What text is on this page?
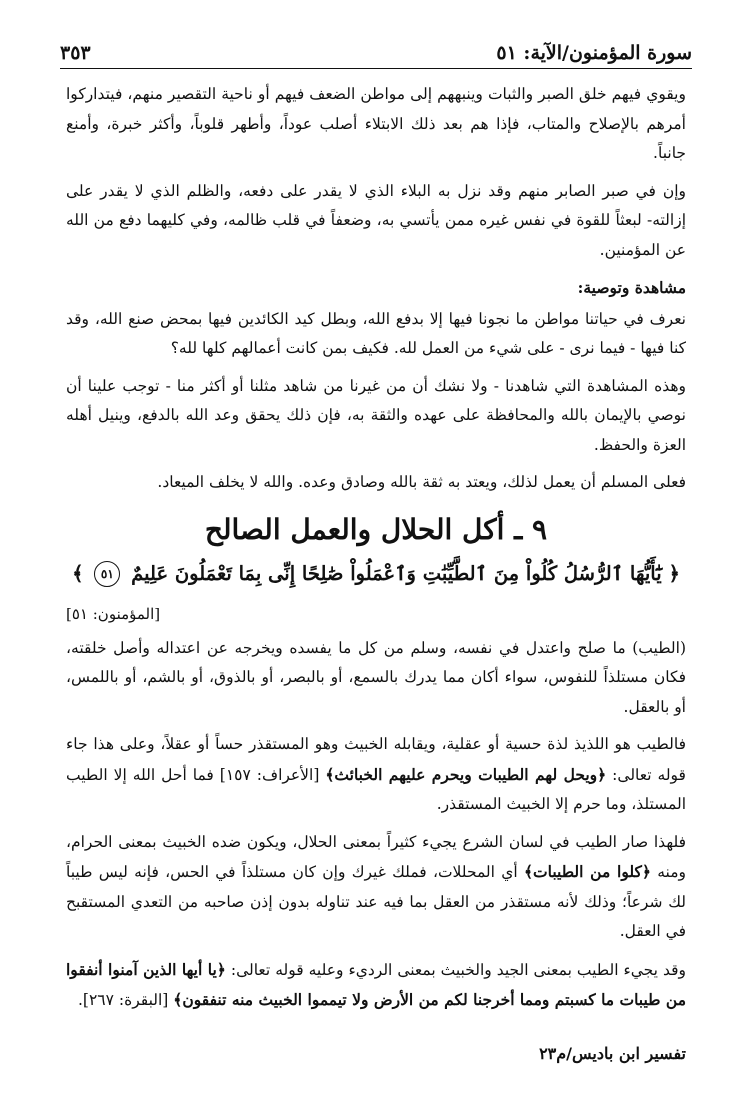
سورة المؤمنون/الآية: ٥١
٣٥٣

ويقوي فيهم خلق الصبر والثبات وينبههم إلى مواطن الضعف فيهم أو ناحية التقصير منهم، فيتداركوا أمرهم بالإصلاح والمتاب، فإذا هم بعد ذلك الابتلاء أصلب عوداً، وأطهر قلوباً، وأكثر خبرة، وأمنع جانباً.

وإن في صبر الصابر منهم وقد نزل به البلاء الذي لا يقدر على دفعه، والظلم الذي لا يقدر على إزالته- لبعثاً للقوة في نفس غيره ممن يأتسي به، وضعفاً في قلب ظالمه، وفي كليهما دفع من الله عن المؤمنين.

مشاهدة وتوصية:

نعرف في حياتنا مواطن ما نجونا فيها إلا بدفع الله، وبطل كيد الكائدين فيها بمحض صنع الله، وقد كنا فيها - فيما نرى - على شيء من العمل لله. فكيف بمن كانت أعمالهم كلها لله؟

وهذه المشاهدة التي شاهدنا - ولا نشك أن من غيرنا من شاهد مثلنا أو أكثر منا - توجب علينا أن نوصي بالإيمان بالله والمحافظة على عهده والثقة به، فإن ذلك يحقق وعد الله بالدفع، وينيل أهله العزة والحفظ.

فعلى المسلم أن يعمل لذلك، ويعتد به ثقة بالله وصادق وعده. والله لا يخلف الميعاد.

٩ ـ أكل الحلال والعمل الصالح

﴿ يَٰٓأَيُّهَا ٱلرُّسُلُ كُلُواْ مِنَ ٱلطَّيِّبَٰتِ وَٱعْمَلُواْ صَٰلِحًا إِنِّى بِمَا تَعْمَلُونَ عَلِيمٌ ٥١ ﴾

[المؤمنون: ٥١]

(الطيب) ما صلح واعتدل في نفسه، وسلم من كل ما يفسده ويخرجه عن اعتداله وأصل خلقته، فكان مستلذاً للنفوس، سواء أكان مما يدرك بالسمع، أو بالبصر، أو بالذوق، أو بالشم، أو باللمس، أو بالعقل.

فالطيب هو اللذيذ لذة حسية أو عقلية، ويقابله الخبيث وهو المستقذر حساً أو عقلاً، وعلى هذا جاء قوله تعالى: ﴿ويحل لهم الطيبات ويحرم عليهم الخبائث﴾ [الأعراف: ١٥٧] فما أحل الله إلا الطيب المستلذ، وما حرم إلا الخبيث المستقذر.

فلهذا صار الطيب في لسان الشرع يجيء كثيراً بمعنى الحلال، ويكون ضده الخبيث بمعنى الحرام، ومنه ﴿كلوا من الطيبات﴾ أي المحللات، فملك غيرك وإن كان مستلذاً في الحس، فإنه ليس طيباً لك شرعاً؛ وذلك لأنه مستقذر من العقل بما فيه عند تناوله بدون إذن صاحبه من التعدي المستقبح في العقل.

وقد يجيء الطيب بمعنى الجيد والخبيث بمعنى الرديء وعليه قوله تعالى: ﴿يا أيها الذين آمنوا أنفقوا من طيبات ما كسبتم ومما أخرجنا لكم من الأرض ولا تيمموا الخبيث منه تنفقون﴾ [البقرة: ٢٦٧].

تفسير ابن باديس/م٢٣
